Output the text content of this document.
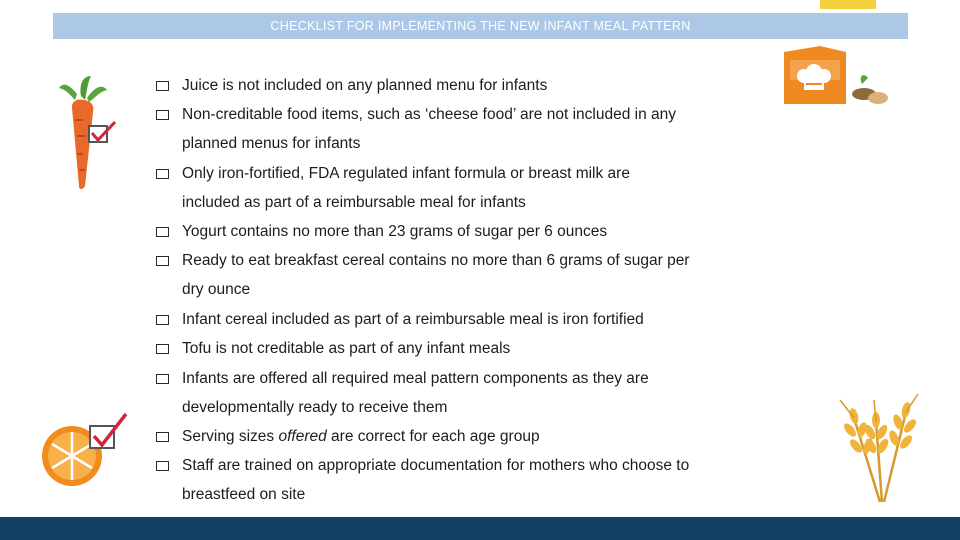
CHECKLIST FOR IMPLEMENTING THE NEW INFANT MEAL PATTERN
Juice is not included on any planned menu for infants
Non-creditable food items, such as ‘cheese food’ are not included in any
planned menus for infants
Only iron-fortified, FDA regulated infant formula or breast milk are
included as part of a reimbursable meal for infants
Yogurt contains no more than 23 grams of sugar per 6 ounces
Ready to eat breakfast cereal contains no more than 6 grams of sugar per
dry ounce
Infant cereal included as part of a reimbursable meal is iron fortified
Tofu is not creditable as part of any infant meals
Infants are offered all required meal pattern components as they are
developmentally ready to receive them
Serving sizes offered are correct for each age group
Staff are trained on appropriate documentation for mothers who choose to
breastfeed on site
